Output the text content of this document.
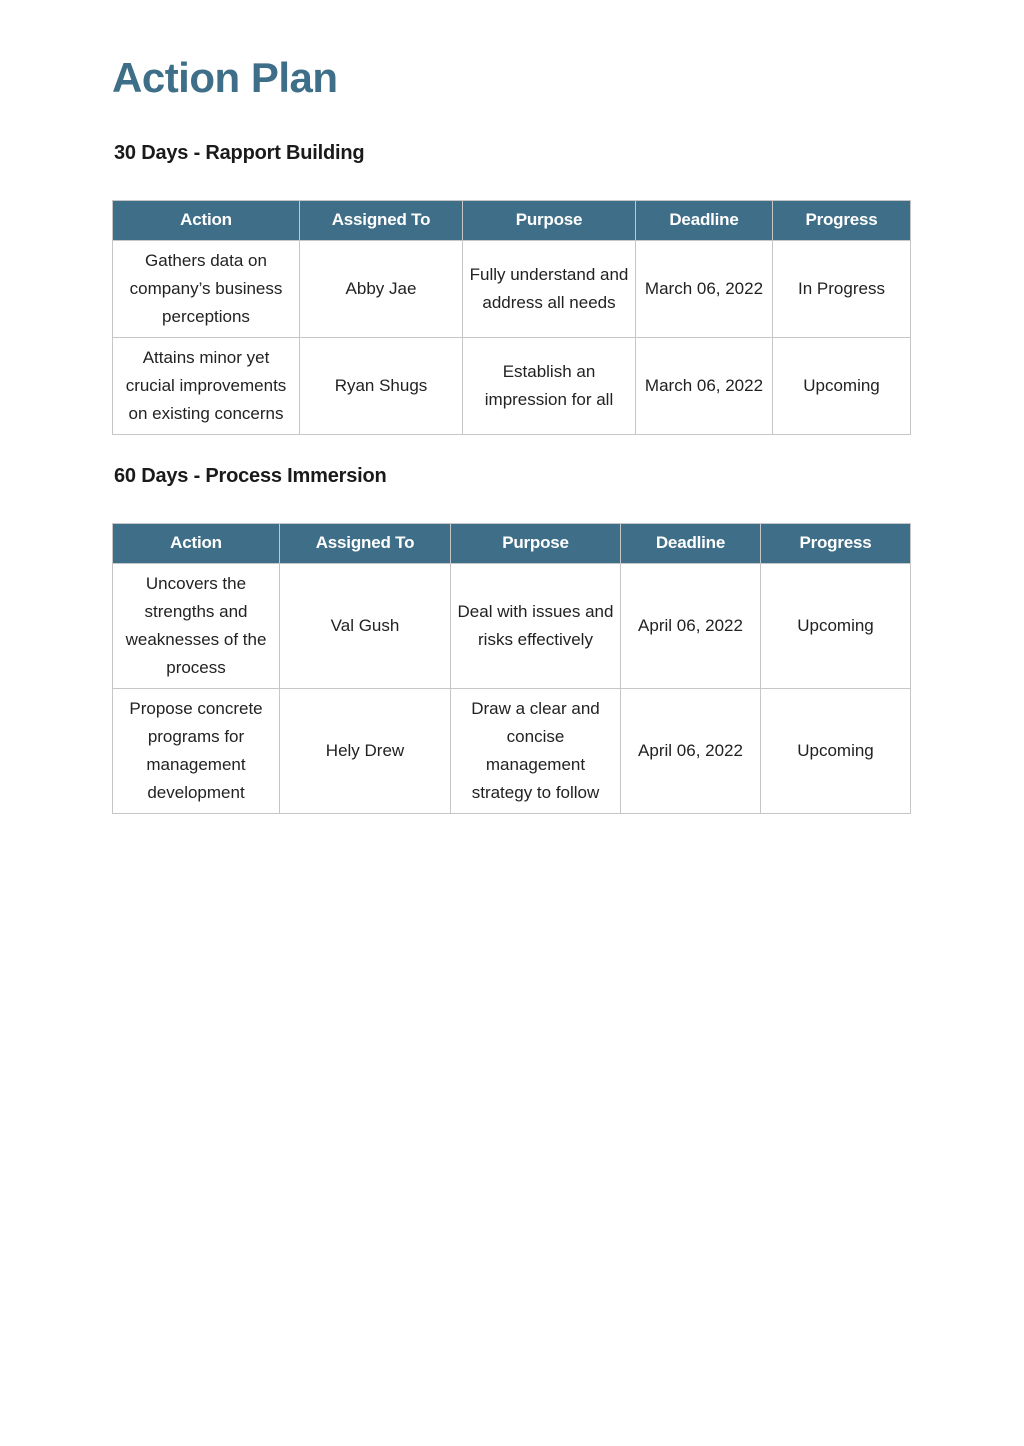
Action Plan
30 Days - Rapport Building
Action	Assigned To	Purpose	Deadline	Progress
Gathers data on company’s business perceptions	Abby Jae	Fully understand and address all needs	March 06, 2022	In Progress
Attains minor yet crucial improvements on existing concerns	Ryan Shugs	Establish an impression for all	March 06, 2022	Upcoming
60 Days - Process Immersion
Action	Assigned To	Purpose	Deadline	Progress
Uncovers the strengths and weaknesses of the process	Val Gush	Deal with issues and risks effectively	April 06, 2022	Upcoming
Propose concrete programs for management development	Hely Drew	Draw a clear and concise management strategy to follow	April 06, 2022	Upcoming
